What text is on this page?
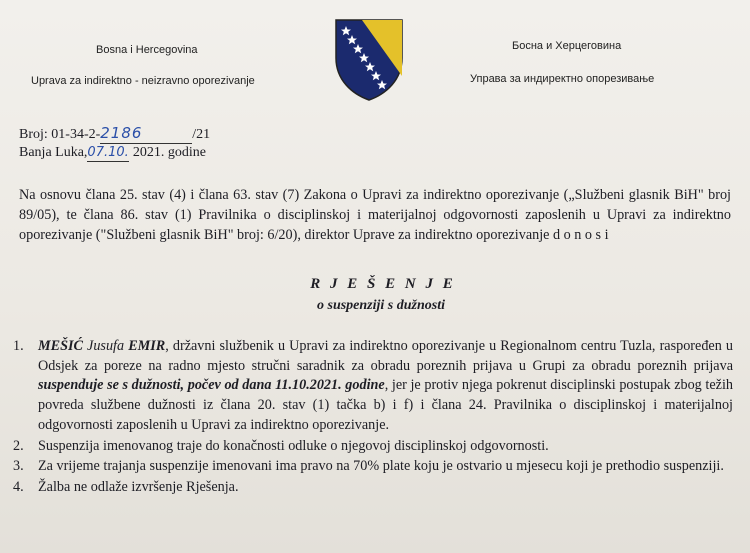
Bosna i Hercegovina
Uprava za indirektno - neizravno oporezivanje
Босна и Херцеговина
Управа за индиректно опорезивање
Broj: 01-34-2-2186	/21
Banja Luka,07.10. 2021. godine
Na osnovu člana 25. stav (4) i člana 63. stav (7) Zakona o Upravi za indirektno oporezivanje („Službeni glasnik BiH" broj 89/05), te člana 86. stav (1) Pravilnika o disciplinskoj i materijalnoj odgovornosti zaposlenih u Upravi za indirektno oporezivanje ("Službeni glasnik BiH" broj: 6/20), direktor Uprave za indirektno oporezivanje d o n o s i
R J E Š E N J E
o suspenziji s dužnosti
1. MEŠIĆ Jusufa EMIR, državni službenik u Upravi za indirektno oporezivanje u Regionalnom centru Tuzla, raspoređen u Odsjek za poreze na radno mjesto stručni saradnik za obradu poreznih prijava u Grupi za obradu poreznih prijava suspenduje se s dužnosti, počev od dana 11.10.2021. godine, jer je protiv njega pokrenut disciplinski postupak zbog težih povreda službene dužnosti iz člana 20. stav (1) tačka b) i f) i člana 24. Pravilnika o disciplinskoj i materijalnoj odgovornosti zaposlenih u Upravi za indirektno oporezivanje.
2. Suspenzija imenovanog traje do konačnosti odluke o njegovoj disciplinskoj odgovornosti.
3. Za vrijeme trajanja suspenzije imenovani ima pravo na 70% plate koju je ostvario u mjesecu koji je prethodio suspenziji.
4. Žalba ne odlaže izvršenje Rješenja.
